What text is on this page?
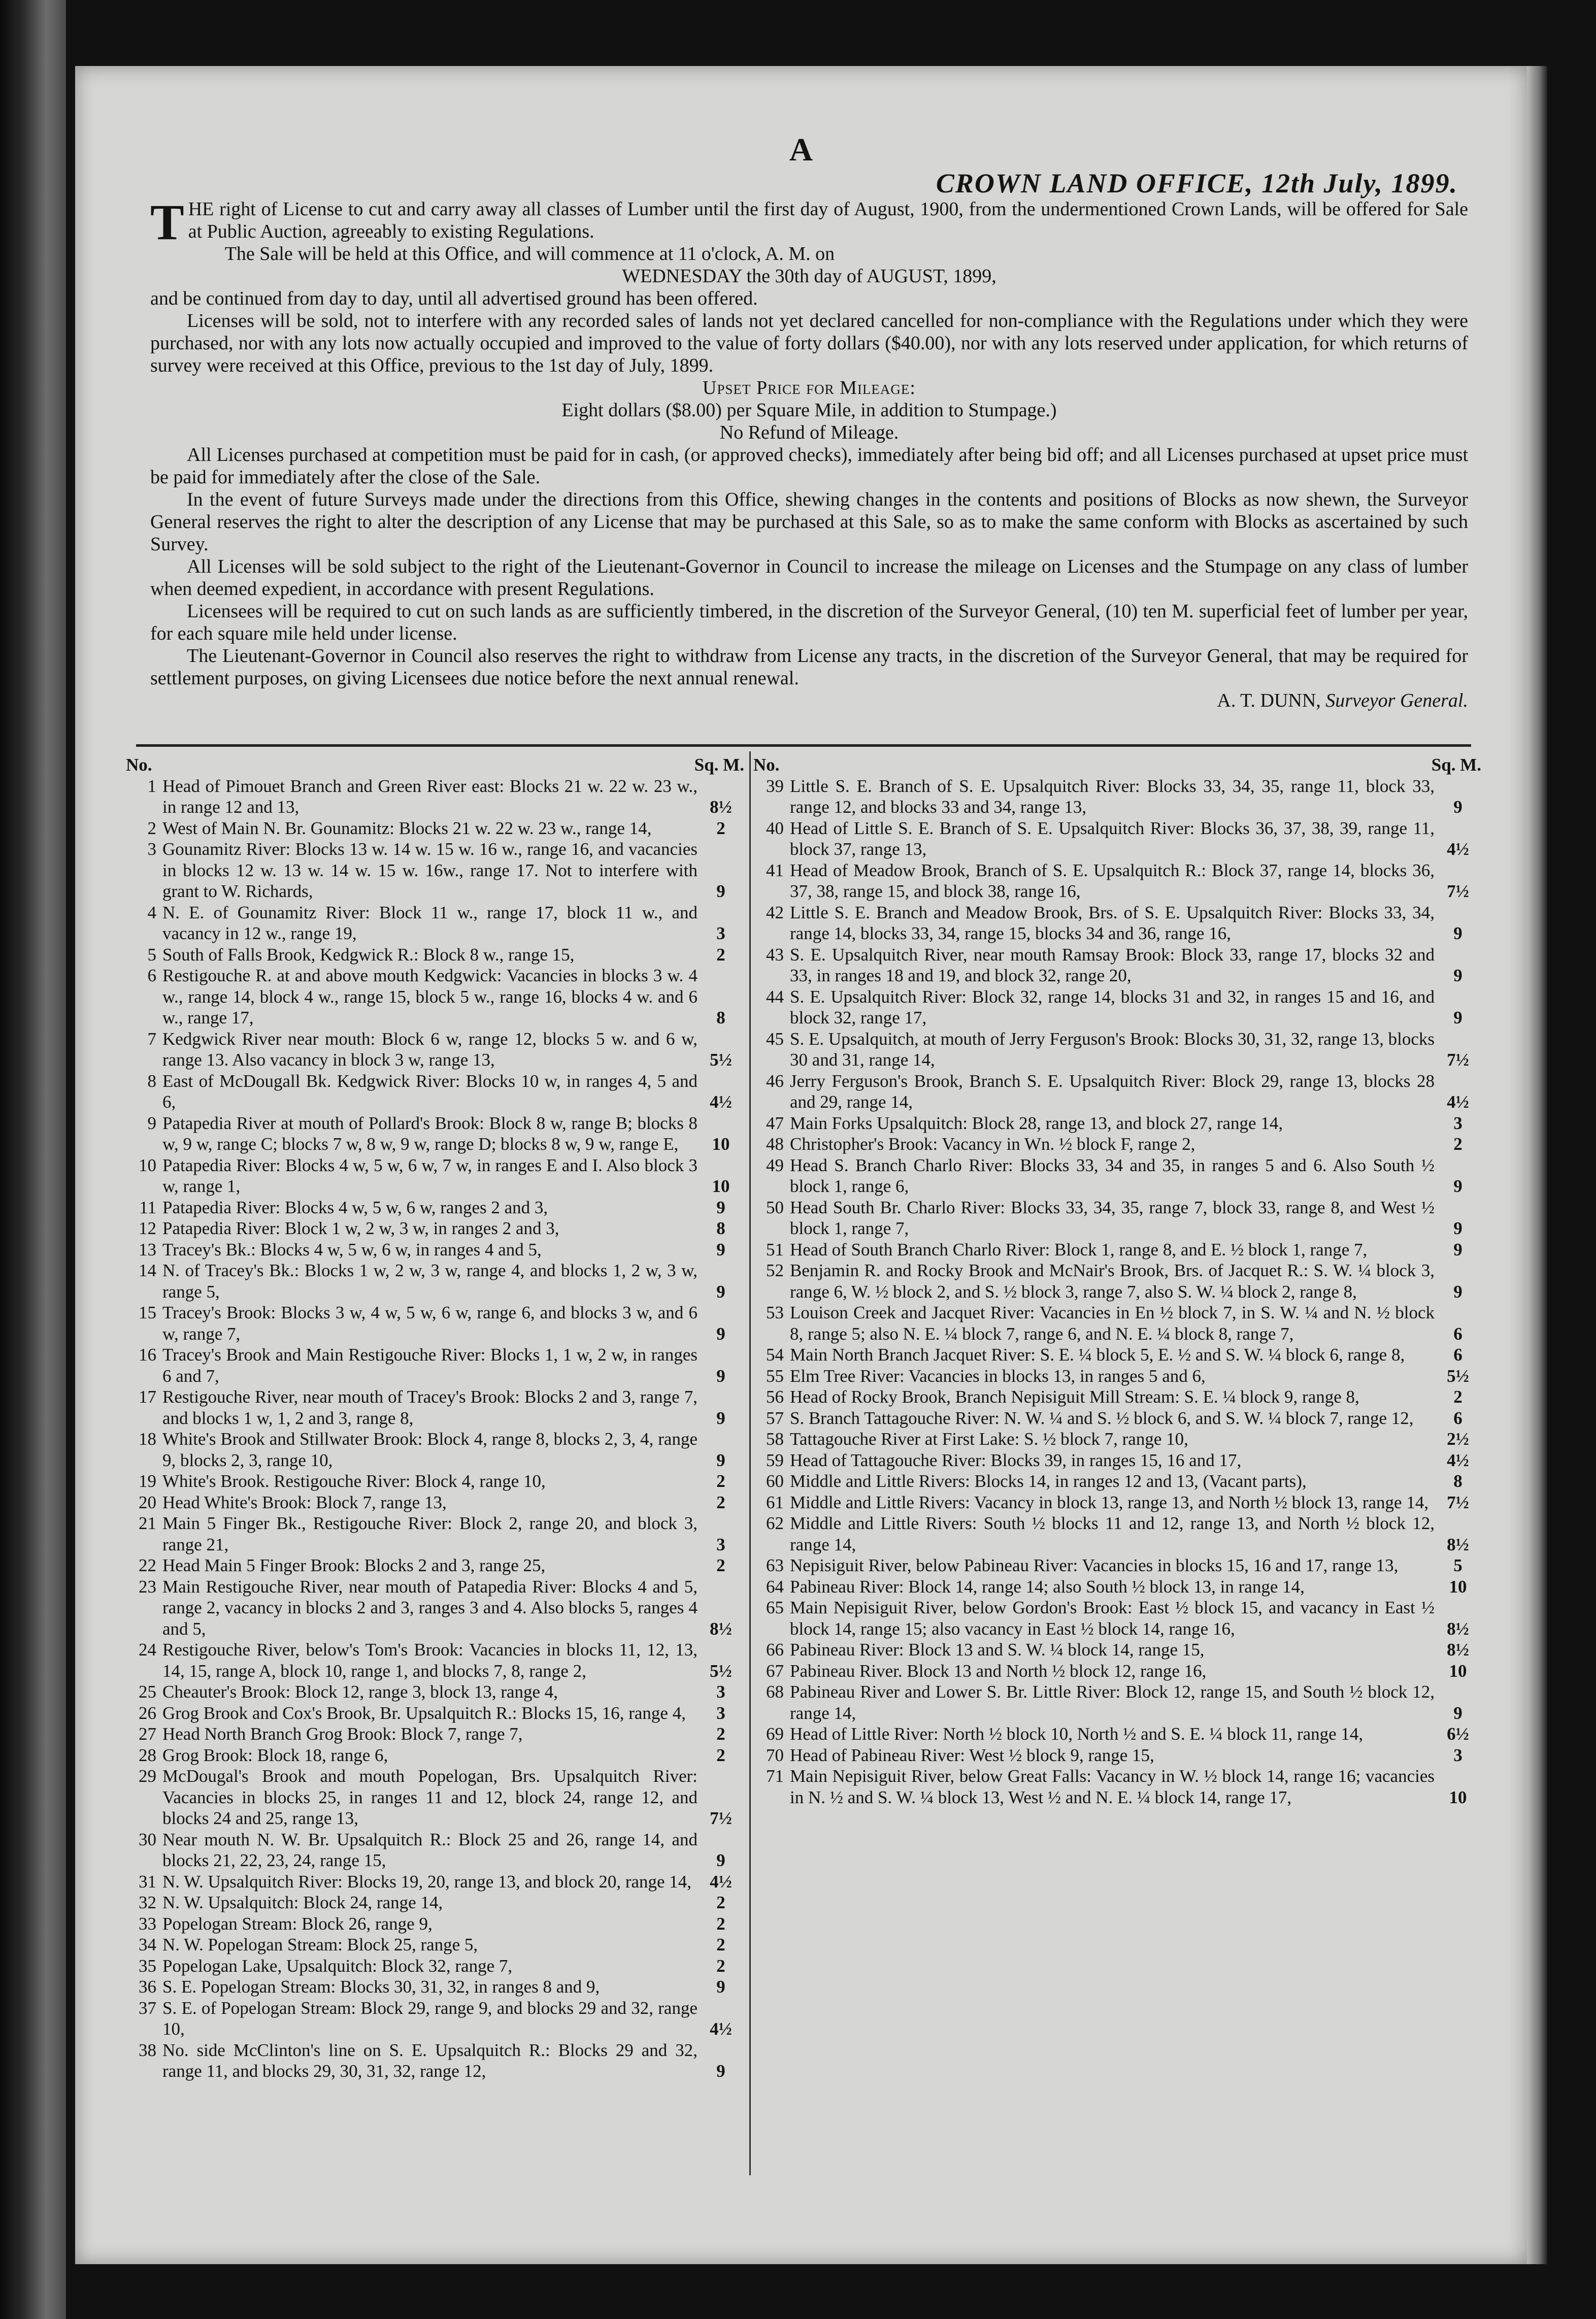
A
CROWN LAND OFFICE, 12th July, 1899.

THE right of License to cut and carry away all classes of Lumber until the first day of August, 1900, from the undermentioned Crown Lands, will be offered for Sale at Public Auction, agreeably to existing Regulations.

The Sale will be held at this Office, and will commence at 11 o'clock, A. M. on

WEDNESDAY the 30th day of AUGUST, 1899,

and be continued from day to day, until all advertised ground has been offered.

Licenses will be sold, not to interfere with any recorded sales of lands not yet declared cancelled for non-compliance with the Regulations under which they were purchased, nor with any lots now actually occupied and improved to the value of forty dollars ($40.00), nor with any lots reserved under application, for which returns of survey were received at this Office, previous to the 1st day of July, 1899.

Upset Price for Mileage:

Eight dollars ($8.00) per Square Mile, in addition to Stumpage.)

No Refund of Mileage.

All Licenses purchased at competition must be paid for in cash, (or approved checks), immediately after being bid off; and all Licenses purchased at upset price must be paid for immediately after the close of the Sale.

In the event of future Surveys made under the directions from this Office, shewing changes in the contents and positions of Blocks as now shewn, the Surveyor General reserves the right to alter the description of any License that may be purchased at this Sale, so as to make the same conform with Blocks as ascertained by such Survey.

All Licenses will be sold subject to the right of the Lieutenant-Governor in Council to increase the mileage on Licenses and the Stumpage on any class of lumber when deemed expedient, in accordance with present Regulations.

Licensees will be required to cut on such lands as are sufficiently timbered, in the discretion of the Surveyor General, (10) ten M. superficial feet of lumber per year, for each square mile held under license.

The Lieutenant-Governor in Council also reserves the right to withdraw from License any tracts, in the discretion of the Surveyor General, that may be required for settlement purposes, on giving Licensees due notice before the next annual renewal.

A. T. DUNN, Surveyor General.

No.	Sq. M.
1 Head of Pimouet Branch and Green River east: Blocks 21 w. 22 w. 23 w., in range 12 and 13,	8½
2 West of Main N. Br. Gounamitz: Blocks 21 w. 22 w. 23 w., range 14,	2
3 Gounamitz River: Blocks 13 w. 14 w. 15 w. 16 w., range 16, and vacancies in blocks 12 w. 13 w. 14 w. 15 w. 16w., range 17. Not to interfere with grant to W. Richards,	9
4 N. E. of Gounamitz River: Block 11 w., range 17, block 11 w., and vacancy in 12 w., range 19,	3
5 South of Falls Brook, Kedgwick R.: Block 8 w., range 15,	2
6 Restigouche R. at and above mouth Kedgwick: Vacancies in blocks 3 w. 4 w., range 14, block 4 w., range 15, block 5 w., range 16, blocks 4 w. and 6 w., range 17,	8
7 Kedgwick River near mouth: Block 6 w, range 12, blocks 5 w. and 6 w, range 13. Also vacancy in block 3 w, range 13,	5½
8 East of McDougall Bk. Kedgwick River: Blocks 10 w, in ranges 4, 5 and 6,	4½
9 Patapedia River at mouth of Pollard's Brook: Block 8 w, range B; blocks 8 w, 9 w, range C; blocks 7 w, 8 w, 9 w, range D; blocks 8 w, 9 w, range E,	10
10 Patapedia River: Blocks 4 w, 5 w, 6 w, 7 w, in ranges E and I. Also block 3 w, range 1,	10
11 Patapedia River: Blocks 4 w, 5 w, 6 w, ranges 2 and 3,	9
12 Patapedia River: Block 1 w, 2 w, 3 w, in ranges 2 and 3,	8
13 Tracey's Bk.: Blocks 4 w, 5 w, 6 w, in ranges 4 and 5,	9
14 N. of Tracey's Bk.: Blocks 1 w, 2 w, 3 w, range 4, and blocks 1, 2 w, 3 w, range 5,	9
15 Tracey's Brook: Blocks 3 w, 4 w, 5 w, 6 w, range 6, and blocks 3 w, and 6 w, range 7,	9
16 Tracey's Brook and Main Restigouche River: Blocks 1, 1 w, 2 w, in ranges 6 and 7,	9
17 Restigouche River, near mouth of Tracey's Brook: Blocks 2 and 3, range 7, and blocks 1 w, 1, 2 and 3, range 8,	9
18 White's Brook and Stillwater Brook: Block 4, range 8, blocks 2, 3, 4, range 9, blocks 2, 3, range 10,	9
19 White's Brook. Restigouche River: Block 4, range 10,	2
20 Head White's Brook: Block 7, range 13,	2
21 Main 5 Finger Bk., Restigouche River: Block 2, range 20, and block 3, range 21,	3
22 Head Main 5 Finger Brook: Blocks 2 and 3, range 25,	2
23 Main Restigouche River, near mouth of Patapedia River: Blocks 4 and 5, range 2, vacancy in blocks 2 and 3, ranges 3 and 4. Also blocks 5, ranges 4 and 5,	8½
24 Restigouche River, below's Tom's Brook: Vacancies in blocks 11, 12, 13, 14, 15, range A, block 10, range 1, and blocks 7, 8, range 2,	5½
25 Cheauter's Brook: Block 12, range 3, block 13, range 4,	3
26 Grog Brook and Cox's Brook, Br. Upsalquitch R.: Blocks 15, 16, range 4,	3
27 Head North Branch Grog Brook: Block 7, range 7,	2
28 Grog Brook: Block 18, range 6,	2
29 McDougal's Brook and mouth Popelogan, Brs. Upsalquitch River: Vacancies in blocks 25, in ranges 11 and 12, block 24, range 12, and blocks 24 and 25, range 13,	7½
30 Near mouth N. W. Br. Upsalquitch R.: Block 25 and 26, range 14, and blocks 21, 22, 23, 24, range 15,	9
31 N. W. Upsalquitch River: Blocks 19, 20, range 13, and block 20, range 14,	4½
32 N. W. Upsalquitch: Block 24, range 14,	2
33 Popelogan Stream: Block 26, range 9,	2
34 N. W. Popelogan Stream: Block 25, range 5,	2
35 Popelogan Lake, Upsalquitch: Block 32, range 7,	2
36 S. E. Popelogan Stream: Blocks 30, 31, 32, in ranges 8 and 9,	9
37 S. E. of Popelogan Stream: Block 29, range 9, and blocks 29 and 32, range 10,	4½
38 No. side McClinton's line on S. E. Upsalquitch R.: Blocks 29 and 32, range 11, and blocks 29, 30, 31, 32, range 12,	9
No.	Sq. M.
39 Little S. E. Branch of S. E. Upsalquitch River: Blocks 33, 34, 35, range 11, block 33, range 12, and blocks 33 and 34, range 13,	9
40 Head of Little S. E. Branch of S. E. Upsalquitch River: Blocks 36, 37, 38, 39, range 11, block 37, range 13,	4½
41 Head of Meadow Brook, Branch of S. E. Upsalquitch R.: Block 37, range 14, blocks 36, 37, 38, range 15, and block 38, range 16,	7½
42 Little S. E. Branch and Meadow Brook, Brs. of S. E. Upsalquitch River: Blocks 33, 34, range 14, blocks 33, 34, range 15, blocks 34 and 36, range 16,	9
43 S. E. Upsalquitch River, near mouth Ramsay Brook: Block 33, range 17, blocks 32 and 33, in ranges 18 and 19, and block 32, range 20,	9
44 S. E. Upsalquitch River: Block 32, range 14, blocks 31 and 32, in ranges 15 and 16, and block 32, range 17,	9
45 S. E. Upsalquitch, at mouth of Jerry Ferguson's Brook: Blocks 30, 31, 32, range 13, blocks 30 and 31, range 14,	7½
46 Jerry Ferguson's Brook, Branch S. E. Upsalquitch River: Block 29, range 13, blocks 28 and 29, range 14,	4½
47 Main Forks Upsalquitch: Block 28, range 13, and block 27, range 14,	3
48 Christopher's Brook: Vacancy in Wn. ½ block F, range 2,	2
49 Head S. Branch Charlo River: Blocks 33, 34 and 35, in ranges 5 and 6. Also South ½ block 1, range 6,	9
50 Head South Br. Charlo River: Blocks 33, 34, 35, range 7, block 33, range 8, and West ½ block 1, range 7,	9
51 Head of South Branch Charlo River: Block 1, range 8, and E. ½ block 1, range 7,	9
52 Benjamin R. and Rocky Brook and McNair's Brook, Brs. of Jacquet R.: S. W. ¼ block 3, range 6, W. ½ block 2, and S. ½ block 3, range 7, also S. W. ¼ block 2, range 8,	9
53 Louison Creek and Jacquet River: Vacancies in En ½ block 7, in S. W. ¼ and N. ½ block 8, range 5; also N. E. ¼ block 7, range 6, and N. E. ¼ block 8, range 7,	6
54 Main North Branch Jacquet River: S. E. ¼ block 5, E. ½ and S. W. ¼ block 6, range 8,	6
55 Elm Tree River: Vacancies in blocks 13, in ranges 5 and 6,	5½
56 Head of Rocky Brook, Branch Nepisiguit Mill Stream: S. E. ¼ block 9, range 8,	2
57 S. Branch Tattagouche River: N. W. ¼ and S. ½ block 6, and S. W. ¼ block 7, range 12,	6
58 Tattagouche River at First Lake: S. ½ block 7, range 10,	2½
59 Head of Tattagouche River: Blocks 39, in ranges 15, 16 and 17,	4½
60 Middle and Little Rivers: Blocks 14, in ranges 12 and 13, (Vacant parts),	8
61 Middle and Little Rivers: Vacancy in block 13, range 13, and North ½ block 13, range 14,	7½
62 Middle and Little Rivers: South ½ blocks 11 and 12, range 13, and North ½ block 12, range 14,	8½
63 Nepisiguit River, below Pabineau River: Vacancies in blocks 15, 16 and 17, range 13,	5
64 Pabineau River: Block 14, range 14; also South ½ block 13, in range 14,	10
65 Main Nepisiguit River, below Gordon's Brook: East ½ block 15, and vacancy in East ½ block 14, range 15; also vacancy in East ½ block 14, range 16,	8½
66 Pabineau River: Block 13 and S. W. ¼ block 14, range 15,	8½
67 Pabineau River. Block 13 and North ½ block 12, range 16,	10
68 Pabineau River and Lower S. Br. Little River: Block 12, range 15, and South ½ block 12, range 14,	9
69 Head of Little River: North ½ block 10, North ½ and S. E. ¼ block 11, range 14,	6½
70 Head of Pabineau River: West ½ block 9, range 15,	3
71 Main Nepisiguit River, below Great Falls: Vacancy in W. ½ block 14, range 16; vacancies in N. ½ and S. W. ¼ block 13, West ½ and N. E. ¼ block 14, range 17,	10
